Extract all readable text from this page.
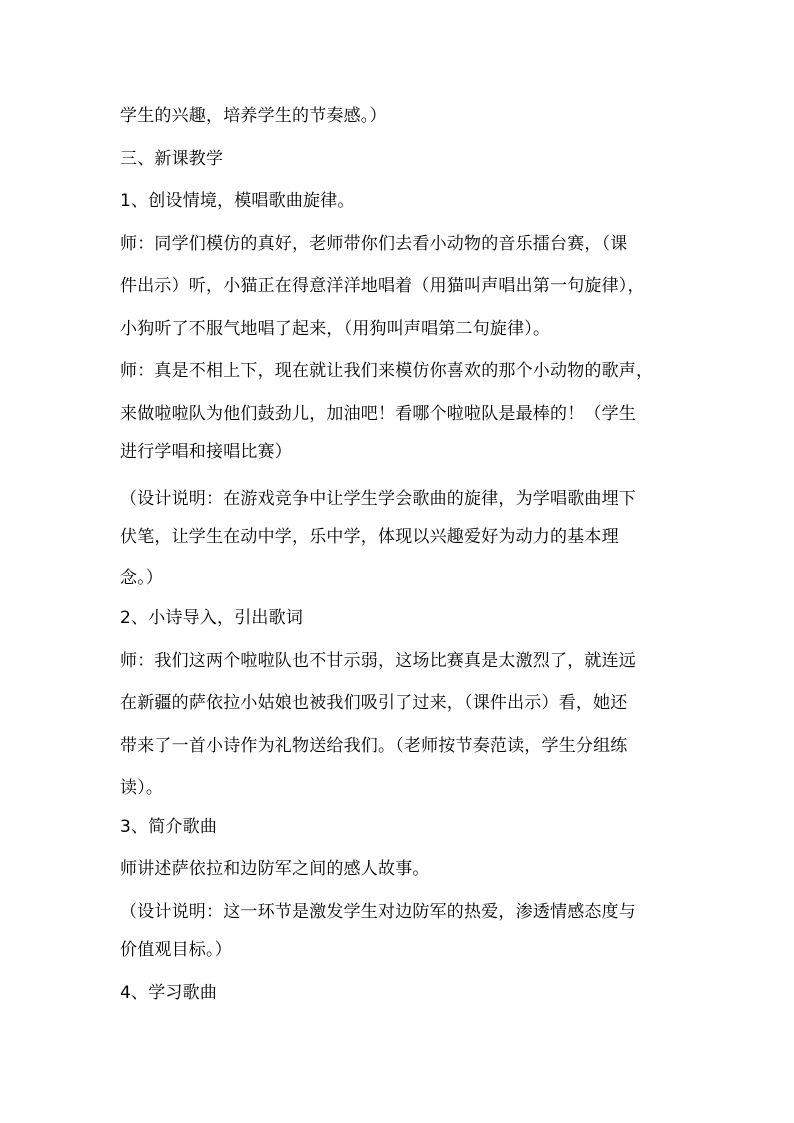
学生的兴趣，培养学生的节奏感。）
三、新课教学
1、创设情境，模唱歌曲旋律。
师：同学们模仿的真好，老师带你们去看小动物的音乐擂台赛，（课
件出示）听，小猫正在得意洋洋地唱着（用猫叫声唱出第一句旋律），
小狗听了不服气地唱了起来，（用狗叫声唱第二句旋律）。
师：真是不相上下，现在就让我们来模仿你喜欢的那个小动物的歌声，
来做啦啦队为他们鼓劲儿，加油吧！看哪个啦啦队是最棒的！（学生
进行学唱和接唱比赛）
（设计说明：在游戏竞争中让学生学会歌曲的旋律，为学唱歌曲埋下
伏笔，让学生在动中学，乐中学，体现以兴趣爱好为动力的基本理
念。）
2、小诗导入，引出歌词
师：我们这两个啦啦队也不甘示弱，这场比赛真是太激烈了，就连远
在新疆的萨依拉小姑娘也被我们吸引了过来，（课件出示）看，她还
带来了一首小诗作为礼物送给我们。（老师按节奏范读，学生分组练
读）。
3、简介歌曲
师讲述萨依拉和边防军之间的感人故事。
（设计说明：这一环节是激发学生对边防军的热爱，渗透情感态度与
价值观目标。）
4、学习歌曲
